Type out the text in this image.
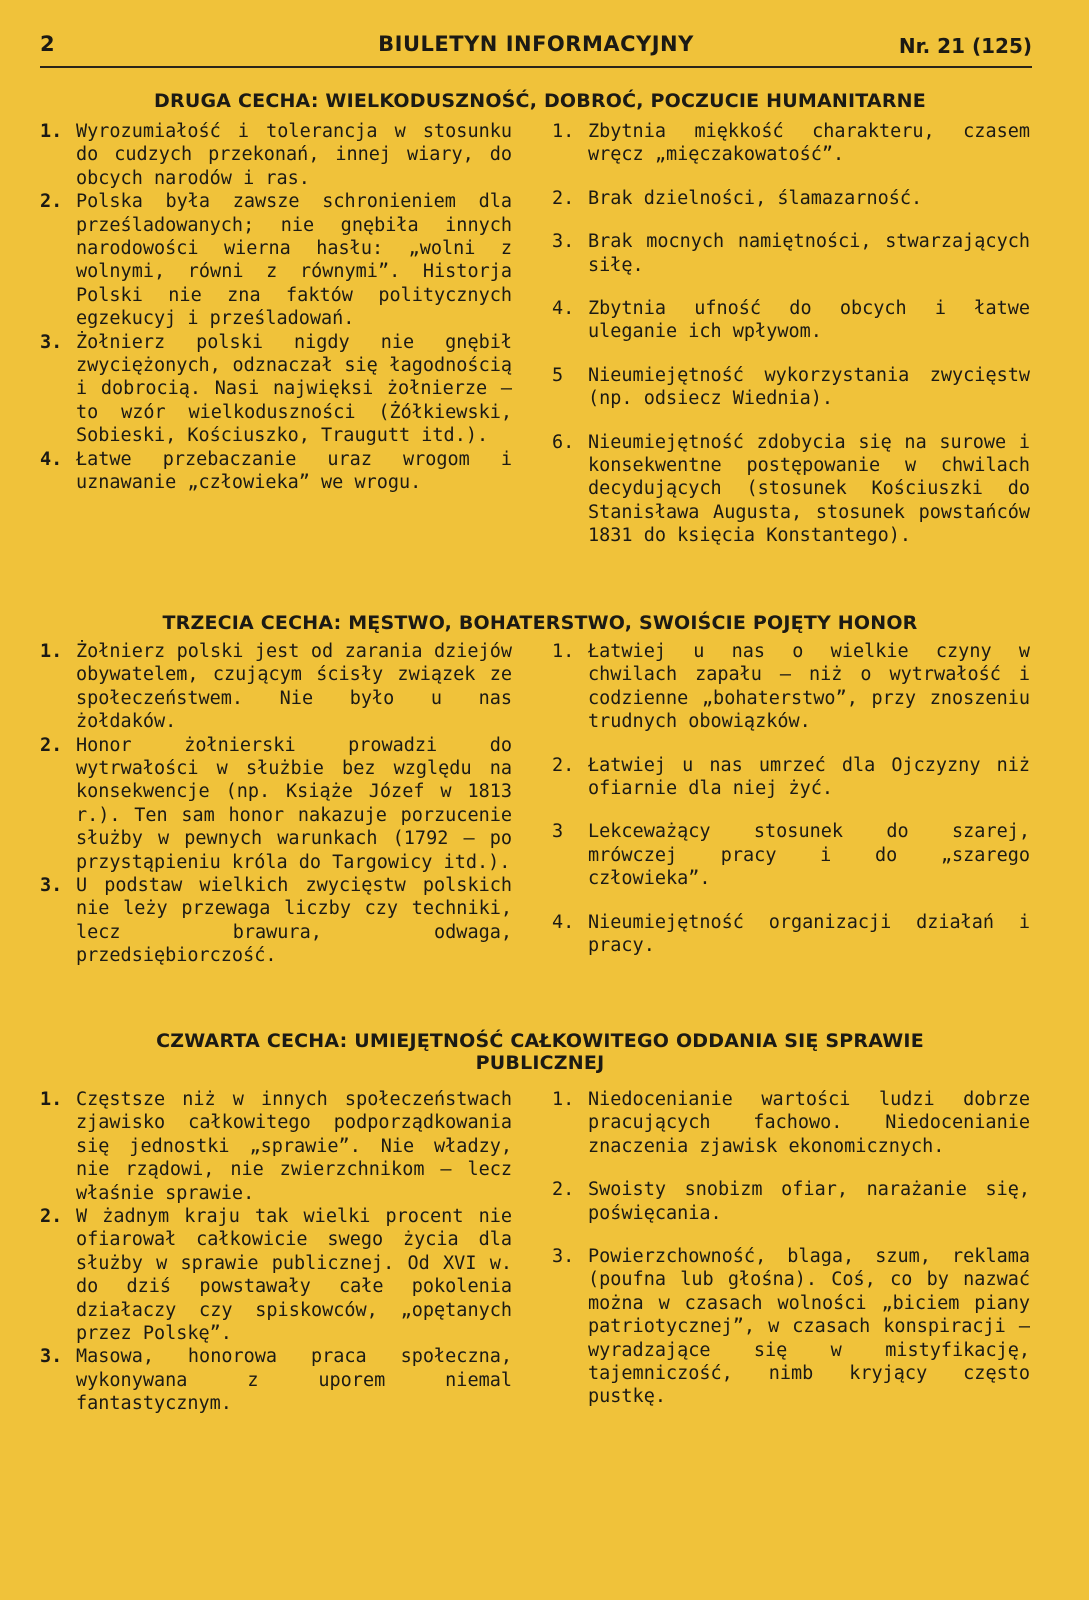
2	BIULETYN INFORMACYJNY	Nr. 21 (125)
DRUGA CECHA: WIELKODUSZNOŚĆ, DOBROĆ, POCZUCIE HUMANITARNE

1. Wyrozumiałość i tolerancja w stosunku do cudzych przekonań, innej wiary, do obcych narodów i ras.

2. Polska była zawsze schronieniem dla prześladowanych; nie gnębiła innych narodowości wierna hasłu: „wolni z wolnymi, równi z równymi”. Historja Polski nie zna faktów politycznych egzekucyj i prześladowań.

3. Żołnierz polski nigdy nie gnębił zwyciężonych, odznaczał się łagodnością i dobrocią. Nasi najwięksi żołnierze — to wzór wielkoduszności (Żółkiewski, Sobieski, Kościuszko, Traugutt itd.).

4. Łatwe przebaczanie uraz wrogom i uznawanie „człowieka” we wrogu.

1. Zbytnia miękkość charakteru, czasem wręcz „mięczakowatość”.

2. Brak dzielności, ślamazarność.

3. Brak mocnych namiętności, stwarzających siłę.

4. Zbytnia ufność do obcych i łatwe uleganie ich wpływom.

5 Nieumiejętność wykorzystania zwycięstw (np. odsiecz Wiednia).

6. Nieumiejętność zdobycia się na surowe i konsekwentne postępowanie w chwilach decydujących (stosunek Kościuszki do Stanisława Augusta, stosunek powstańców 1831 do księcia Konstantego).

TRZECIA CECHA: MĘSTWO, BOHATERSTWO, SWOIŚCIE POJĘTY HONOR

1. Żołnierz polski jest od zarania dziejów obywatelem, czującym ścisły związek ze społeczeństwem. Nie było u nas żołdaków.

2. Honor żołnierski prowadzi do wytrwałości w służbie bez względu na konsekwencje (np. Książe Józef w 1813 r.). Ten sam honor nakazuje porzucenie służby w pewnych warunkach (1792 — po przystąpieniu króla do Targowicy itd.).

3. U podstaw wielkich zwycięstw polskich nie leży przewaga liczby czy techniki, lecz brawura, odwaga, przedsiębiorczość.

1. Łatwiej u nas o wielkie czyny w chwilach zapału — niż o wytrwałość i codzienne „bohaterstwo”, przy znoszeniu trudnych obowiązków.

2. Łatwiej u nas umrzeć dla Ojczyzny niż ofiarnie dla niej żyć.

3 Lekceważący stosunek do szarej, mrówczej pracy i do „szarego człowieka”.

4. Nieumiejętność organizacji działań i pracy.

CZWARTA CECHA: UMIEJĘTNOŚĆ CAŁKOWITEGO ODDANIA SIĘ SPRAWIE PUBLICZNEJ

1. Częstsze niż w innych społeczeństwach zjawisko całkowitego podporządkowania się jednostki „sprawie”. Nie władzy, nie rządowi, nie zwierzchnikom — lecz właśnie sprawie.

2. W żadnym kraju tak wielki procent nie ofiarował całkowicie swego życia dla służby w sprawie publicznej. Od XVI w. do dziś powstawały całe pokolenia działaczy czy spiskowców, „opętanych przez Polskę”.

3. Masowa, honorowa praca społeczna, wykonywana z uporem niemal fantastycznym.

1. Niedocenianie wartości ludzi dobrze pracujących fachowo. Niedocenianie znaczenia zjawisk ekonomicznych.

2. Swoisty snobizm ofiar, narażanie się, poświęcania.

3. Powierzchowność, blaga, szum, reklama (poufna lub głośna). Coś, co by nazwać można w czasach wolności „biciem piany patriotycznej”, w czasach konspiracji — wyradzające się w mistyfikację, tajemniczość, nimb kryjący często pustkę.
